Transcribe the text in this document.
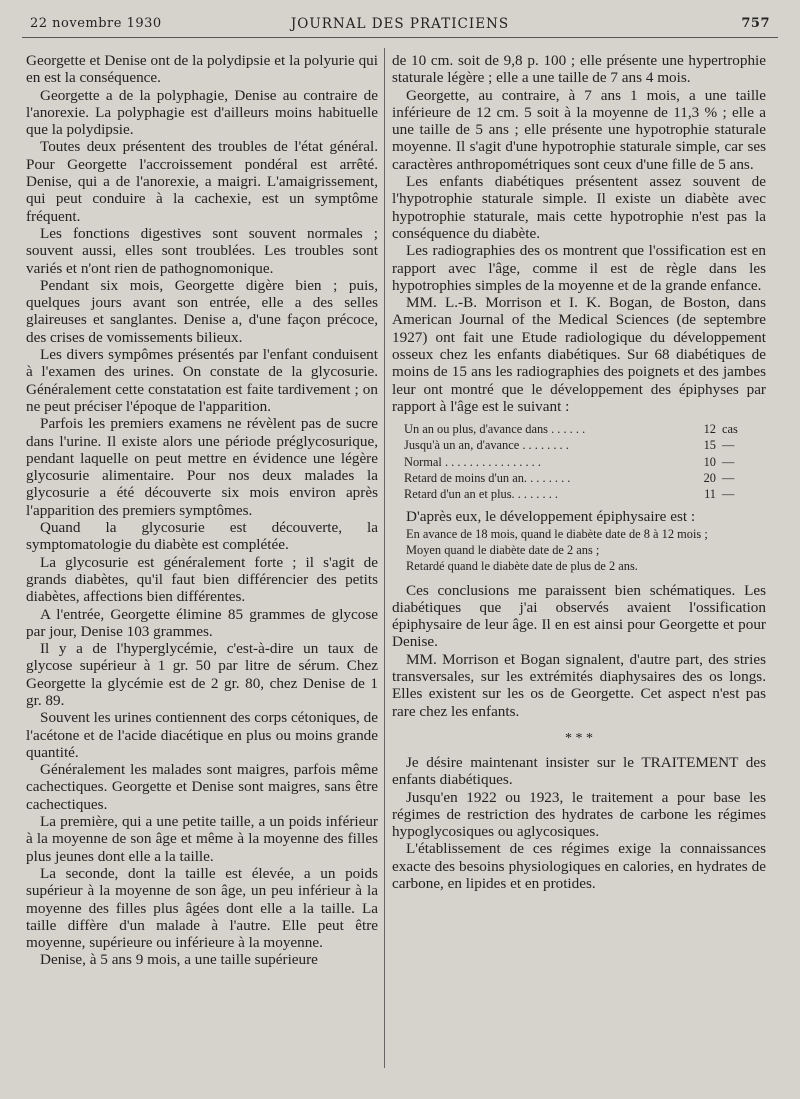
22 novembre 1930	JOURNAL DES PRATICIENS	757

Georgette et Denise ont de la polydipsie et la polyurie qui en est la conséquence.

Georgette a de la polyphagie, Denise au contraire de l'anorexie. La polyphagie est d'ailleurs moins habituelle que la polydipsie.

Toutes deux présentent des troubles de l'état général. Pour Georgette l'accroissement pondéral est arrêté. Denise, qui a de l'anorexie, a maigri. L'amaigrissement, qui peut conduire à la cachexie, est un symptôme fréquent.

Les fonctions digestives sont souvent normales ; souvent aussi, elles sont troublées. Les troubles sont variés et n'ont rien de pathognomonique.

Pendant six mois, Georgette digère bien ; puis, quelques jours avant son entrée, elle a des selles glaireuses et sanglantes. Denise a, d'une façon précoce, des crises de vomissements bilieux.

Les divers sympômes présentés par l'enfant conduisent à l'examen des urines. On constate de la glycosurie. Généralement cette constatation est faite tardivement ; on ne peut préciser l'époque de l'apparition.

Parfois les premiers examens ne révèlent pas de sucre dans l'urine. Il existe alors une période préglycosurique, pendant laquelle on peut mettre en évidence une légère glycosurie alimentaire. Pour nos deux malades la glycosurie a été découverte six mois environ après l'apparition des premiers symptômes.

Quand la glycosurie est découverte, la symptomatologie du diabète est complétée.

La glycosurie est généralement forte ; il s'agit de grands diabètes, qu'il faut bien différencier des petits diabètes, affections bien différentes.

A l'entrée, Georgette élimine 85 grammes de glycose par jour, Denise 103 grammes.

Il y a de l'hyperglycémie, c'est-à-dire un taux de glycose supérieur à 1 gr. 50 par litre de sérum. Chez Georgette la glycémie est de 2 gr. 80, chez Denise de 1 gr. 89.

Souvent les urines contiennent des corps cétoniques, de l'acétone et de l'acide diacétique en plus ou moins grande quantité.

Généralement les malades sont maigres, parfois même cachectiques. Georgette et Denise sont maigres, sans être cachectiques.

La première, qui a une petite taille, a un poids inférieur à la moyenne de son âge et même à la moyenne des filles plus jeunes dont elle a la taille.

La seconde, dont la taille est élevée, a un poids supérieur à la moyenne de son âge, un peu inférieur à la moyenne des filles plus âgées dont elle a la taille. La taille diffère d'un malade à l'autre. Elle peut être moyenne, supérieure ou inférieure à la moyenne.

Denise, à 5 ans 9 mois, a une taille supérieure

de 10 cm. soit de 9,8 p. 100 ; elle présente une hypertrophie staturale légère ; elle a une taille de 7 ans 4 mois.

Georgette, au contraire, à 7 ans 1 mois, a une taille inférieure de 12 cm. 5 soit à la moyenne de 11,3 % ; elle a une taille de 5 ans ; elle présente une hypotrophie staturale moyenne. Il s'agit d'une hypotrophie staturale simple, car ses caractères anthropométriques sont ceux d'une fille de 5 ans.

Les enfants diabétiques présentent assez souvent de l'hypotrophie staturale simple. Il existe un diabète avec hypotrophie staturale, mais cette hypotrophie n'est pas la conséquence du diabète.

Les radiographies des os montrent que l'ossification est en rapport avec l'âge, comme il est de règle dans les hypotrophies simples de la moyenne et de la grande enfance.

MM. L.-B. Morrison et I. K. Bogan, de Boston, dans American Journal of the Medical Sciences (de septembre 1927) ont fait une Etude radiologique du développement osseux chez les enfants diabétiques. Sur 68 diabétiques de moins de 15 ans les radiographies des poignets et des jambes leur ont montré que le développement des épiphyses par rapport à l'âge est le suivant :

Un an ou plus, d'avance dans . . . . . .	12 cas
Jusqu'à un an, d'avance . . . . . . . .	15 —
Normal . . . . . . . . . . . . . . . .	10 —
Retard de moins d'un an. . . . . . . .	20 —
Retard d'un an et plus. . . . . . . .	11 —

D'après eux, le développement épiphysaire est :

En avance de 18 mois, quand le diabète date de 8 à 12 mois ;

Moyen quand le diabète date de 2 ans ;

Retardé quand le diabète date de plus de 2 ans.

Ces conclusions me paraissent bien schématiques. Les diabétiques que j'ai observés avaient l'ossification épiphysaire de leur âge. Il en est ainsi pour Georgette et pour Denise.

MM. Morrison et Bogan signalent, d'autre part, des stries transversales, sur les extrémités diaphysaires des os longs. Elles existent sur les os de Georgette. Cet aspect n'est pas rare chez les enfants.

* * *

Je désire maintenant insister sur le TRAITEMENT des enfants diabétiques.

Jusqu'en 1922 ou 1923, le traitement a pour base les régimes de restriction des hydrates de carbone les régimes hypoglycosiques ou aglycosiques.

L'établissement de ces régimes exige la connaissances exacte des besoins physiologiques en calories, en hydrates de carbone, en lipides et en protides.
